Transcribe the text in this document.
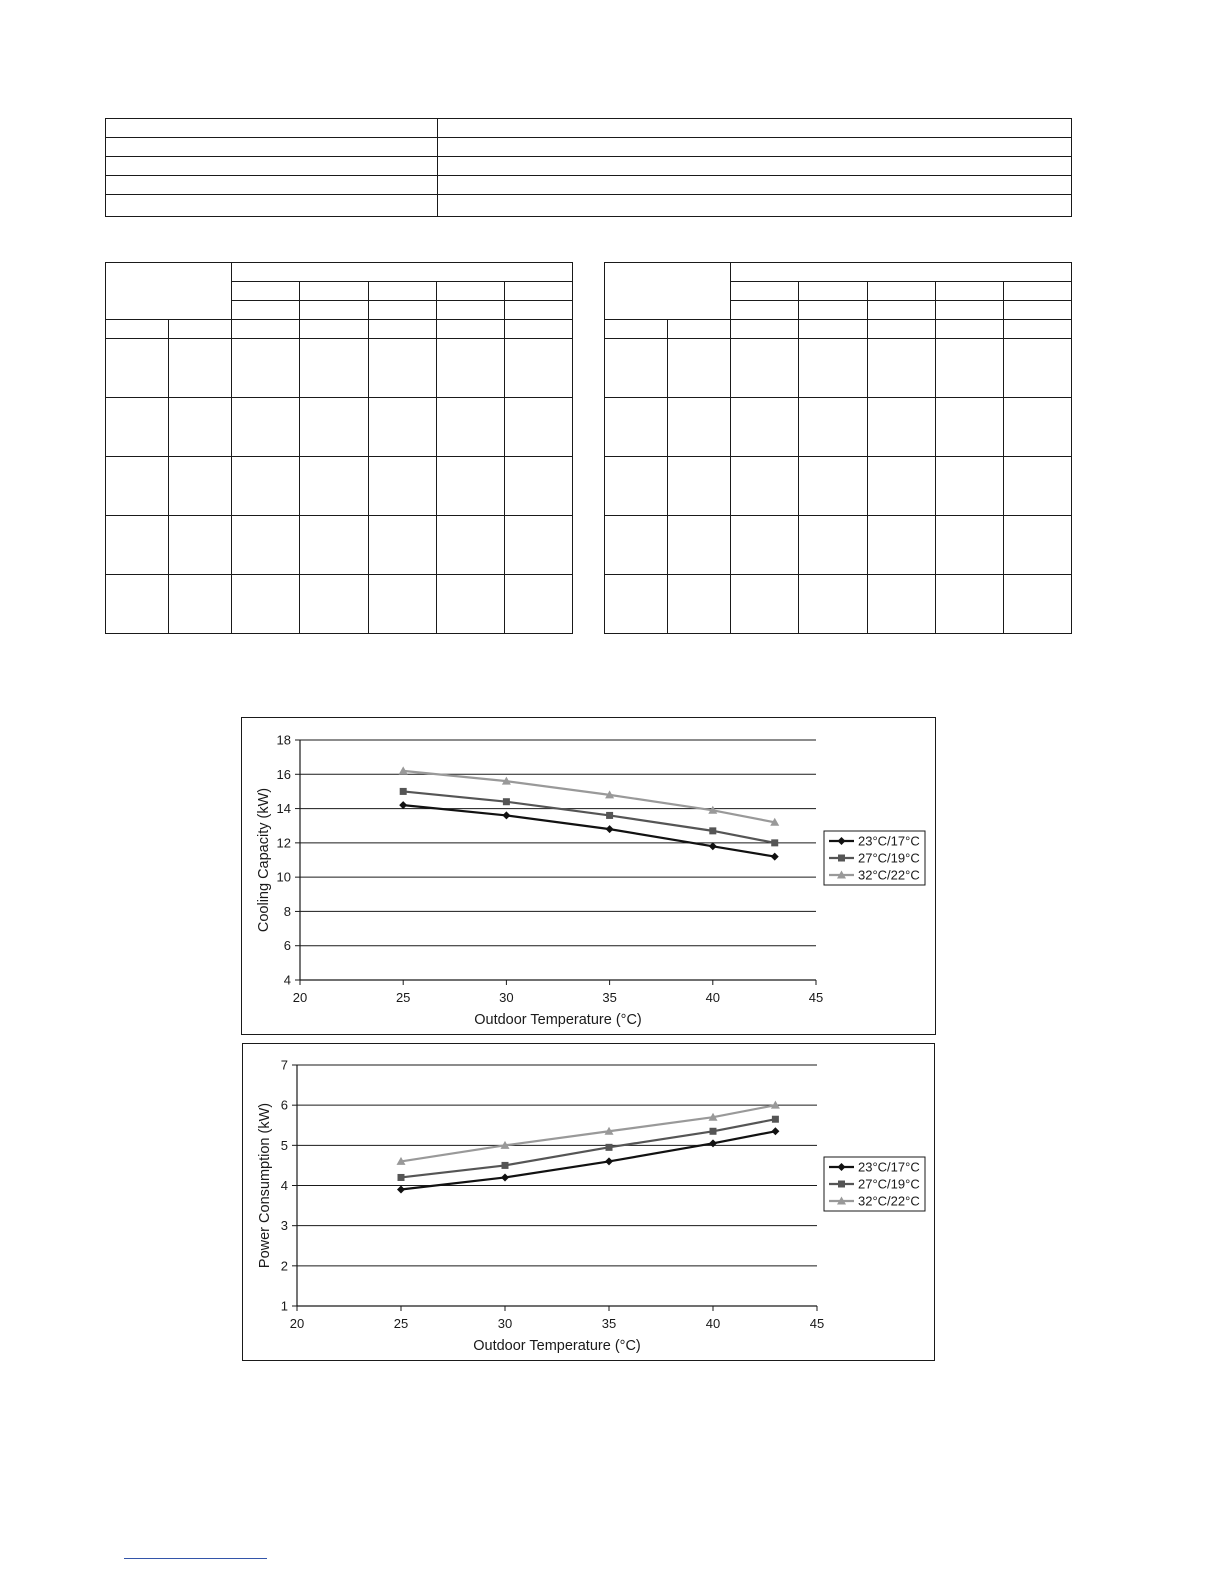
4
6
8
10
12
14
16
18
20	25	30	35	40	45
Outdoor Temperature (°C)
Cooling Capacity (kW)	23°C/17°C
27°C/19°C
32°C/22°C
1
2
3
4
5
6
7
20	25	30	35	40	45
Outdoor Temperature (°C)
Power Consumption (kW)	23°C/17°C
27°C/19°C
32°C/22°C
